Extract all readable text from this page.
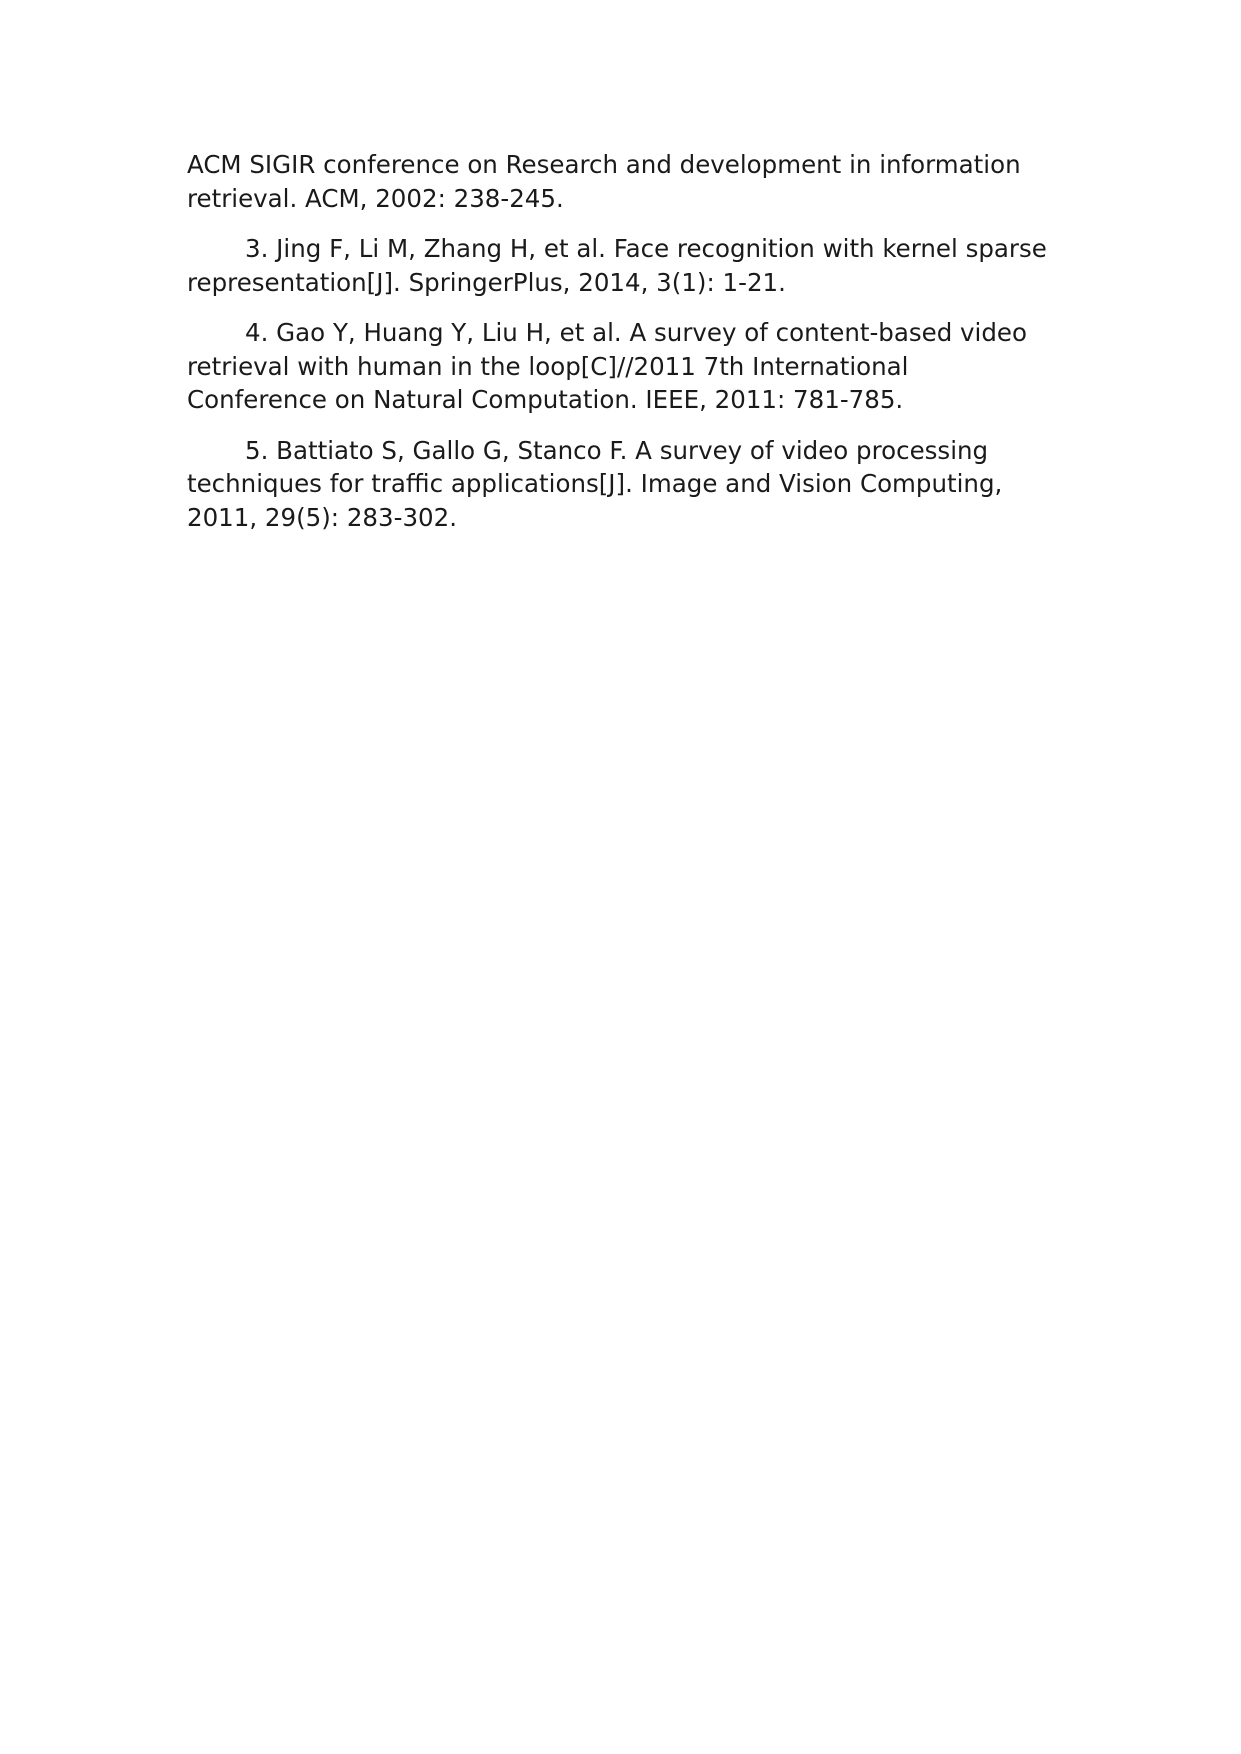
ACM SIGIR conference on Research and development in information retrieval. ACM, 2002: 238-245.

3. Jing F, Li M, Zhang H, et al. Face recognition with kernel sparse representation[J]. SpringerPlus, 2014, 3(1): 1-21.

4. Gao Y, Huang Y, Liu H, et al. A survey of content-based video retrieval with human in the loop[C]//2011 7th International Conference on Natural Computation. IEEE, 2011: 781-785.

5. Battiato S, Gallo G, Stanco F. A survey of video processing techniques for traffic applications[J]. Image and Vision Computing, 2011, 29(5): 283-302.
